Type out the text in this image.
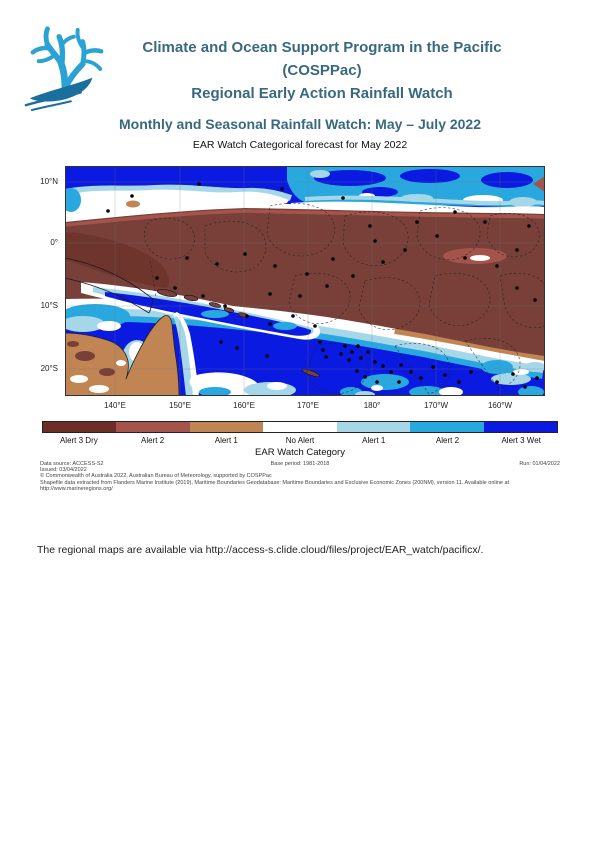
Climate and Ocean Support Program in the Pacific
(COSPPac)
Regional Early Action Rainfall Watch
Monthly and Seasonal Rainfall Watch: May – July 2022
EAR Watch Categorical forecast for May 2022
10°N
0°
10°S
20°S
140°E	150°E	160°E	170°E	180°	170°W	160°W
Alert 3 Dry	Alert 2	Alert 1	No Alert	Alert 1	Alert 2	Alert 3 Wet
EAR Watch Category
Data source: ACCESS-S2	Base period: 1981-2018	Run: 01/04/2022
Issued: 03/04/2022
© Commonwealth of Australia 2022, Australian Bureau of Meteorology, supported by COSPPac
Shapefile data extracted from Flanders Marine Institute (2019), Maritime Boundaries Geodatabase: Maritime Boundaries and Exclusive Economic Zones (200NM), version 11. Available online at
http://www.marineregions.org/
The regional maps are available via http://access-s.clide.cloud/files/project/EAR_watch/pacificx/.
